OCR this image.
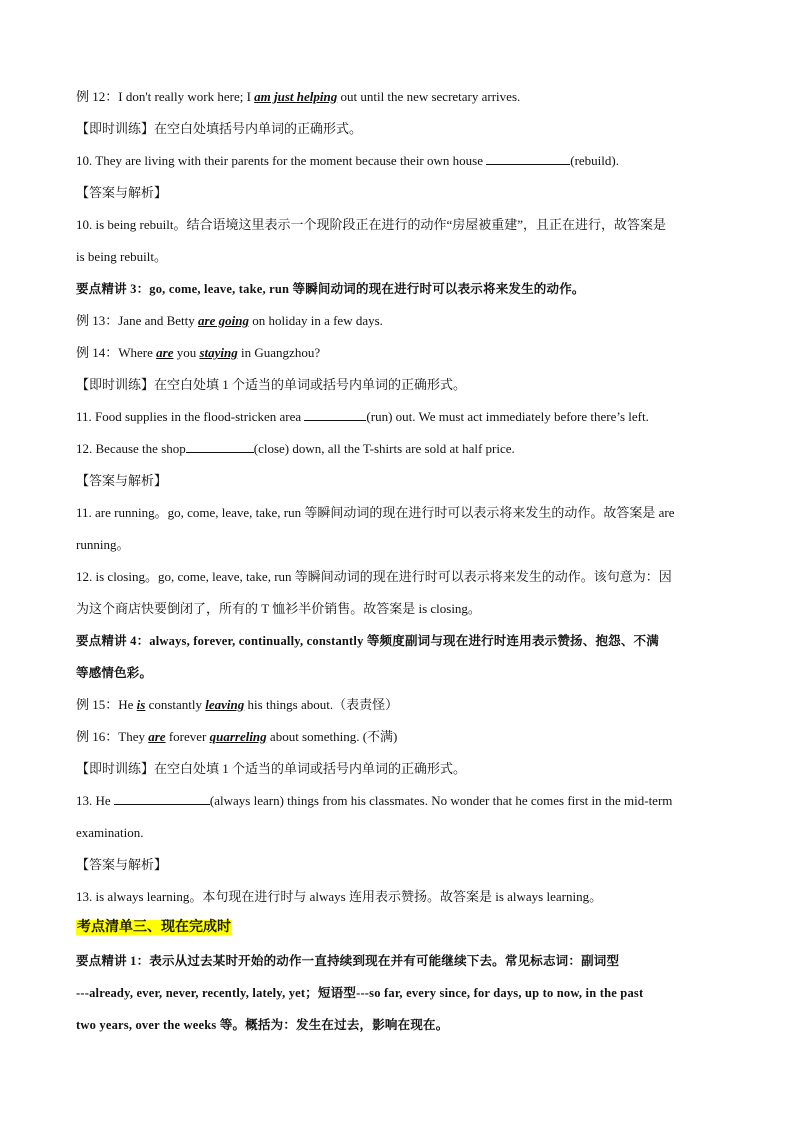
例 12：I don't really work here; I am just helping out until the new secretary arrives.
【即时训练】在空白处填括号内单词的正确形式。
10. They are living with their parents for the moment because their own house	(rebuild).
【答案与解析】
10. is being rebuilt。结合语境这里表示一个现阶段正在进行的动作“房屋被重建”，且正在进行，故答案是
is being rebuilt。
要点精讲 3：go, come, leave, take, run 等瞬间动词的现在进行时可以表示将来发生的动作。
例 13：Jane and Betty are going on holiday in a few days.
例 14：Where are you staying in Guangzhou?
【即时训练】在空白处填 1 个适当的单词或括号内单词的正确形式。
11. Food supplies in the flood-stricken area	(run) out. We must act immediately before there’s left.
12. Because the shop	(close) down, all the T-shirts are sold at half price.
【答案与解析】
11. are running。go, come, leave, take, run 等瞬间动词的现在进行时可以表示将来发生的动作。故答案是 are
running。
12. is closing。go, come, leave, take, run 等瞬间动词的现在进行时可以表示将来发生的动作。该句意为：因
为这个商店快要倒闭了，所有的 T 恤衫半价销售。故答案是 is closing。
要点精讲 4：always, forever, continually, constantly 等频度副词与现在进行时连用表示赞扬、抱怨、不满
等感情色彩。
例 15：He is constantly leaving his things about.（表责怪）
例 16：They are forever quarreling about something. (不满)
【即时训练】在空白处填 1 个适当的单词或括号内单词的正确形式。
13. He	(always learn) things from his classmates. No wonder that he comes first in the mid-term
examination.
【答案与解析】
13. is always learning。本句现在进行时与 always 连用表示赞扬。故答案是 is always learning。
考点清单三、现在完成时
要点精讲 1：表示从过去某时开始的动作一直持续到现在并有可能继续下去。常见标志词：副词型
---already, ever, never, recently, lately, yet；短语型---so far, every since, for days, up to now, in the past
two years, over the weeks 等。概括为：发生在过去，影响在现在。
